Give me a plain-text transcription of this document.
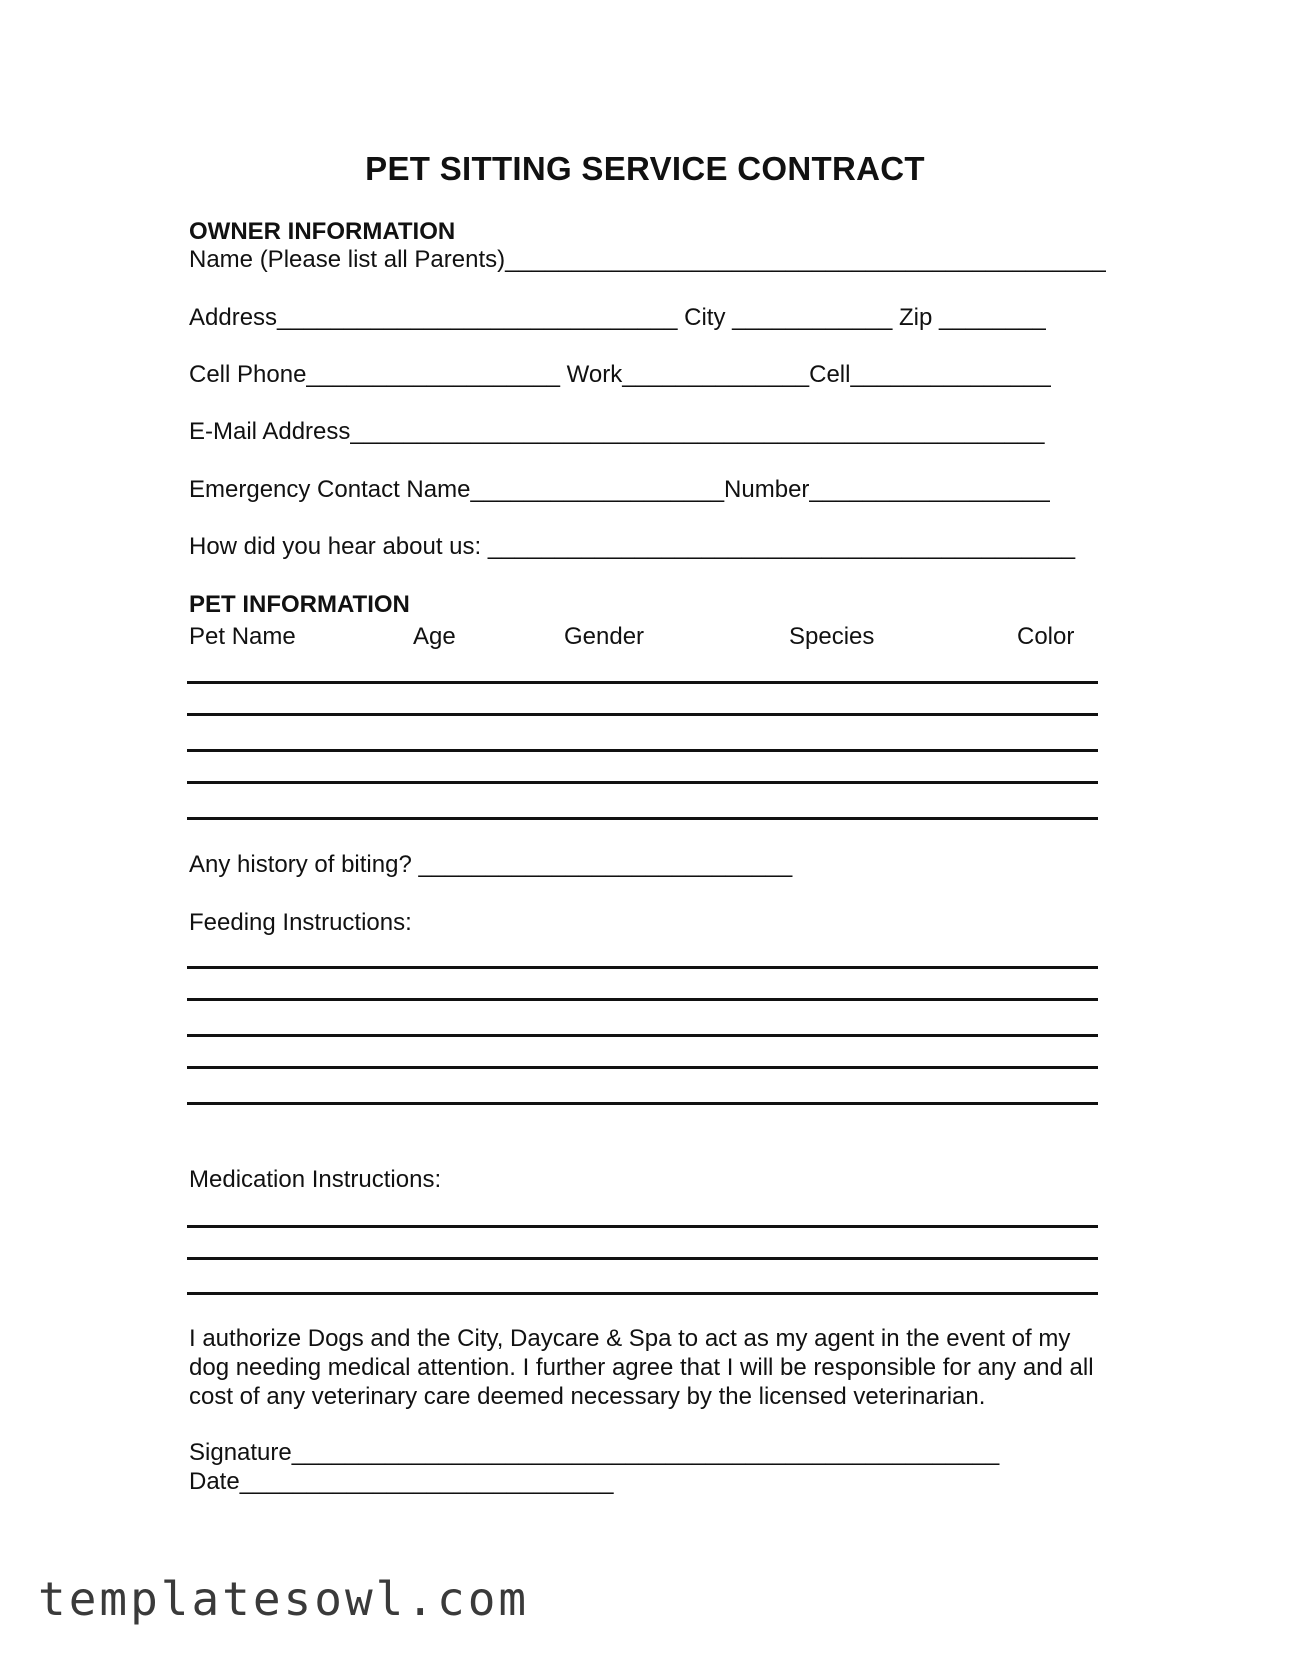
PET SITTING SERVICE CONTRACT
OWNER INFORMATION
Name (Please list all Parents)_____________________________________________
Address______________________________ City ____________ Zip ________
Cell Phone___________________ Work______________Cell_______________
E-Mail Address____________________________________________________
Emergency Contact Name___________________Number__________________
How did you hear about us: ____________________________________________
PET INFORMATION
Pet Name	Age	Gender	Species	Color
Any history of biting? ____________________________
Feeding Instructions:
Medication Instructions:
I authorize Dogs and the City, Daycare & Spa to act as my agent in the event of my dog needing medical attention. I further agree that I will be responsible for any and all cost of any veterinary care deemed necessary by the licensed veterinarian.
Signature_____________________________________________________
Date____________________________
templatesowl.com
